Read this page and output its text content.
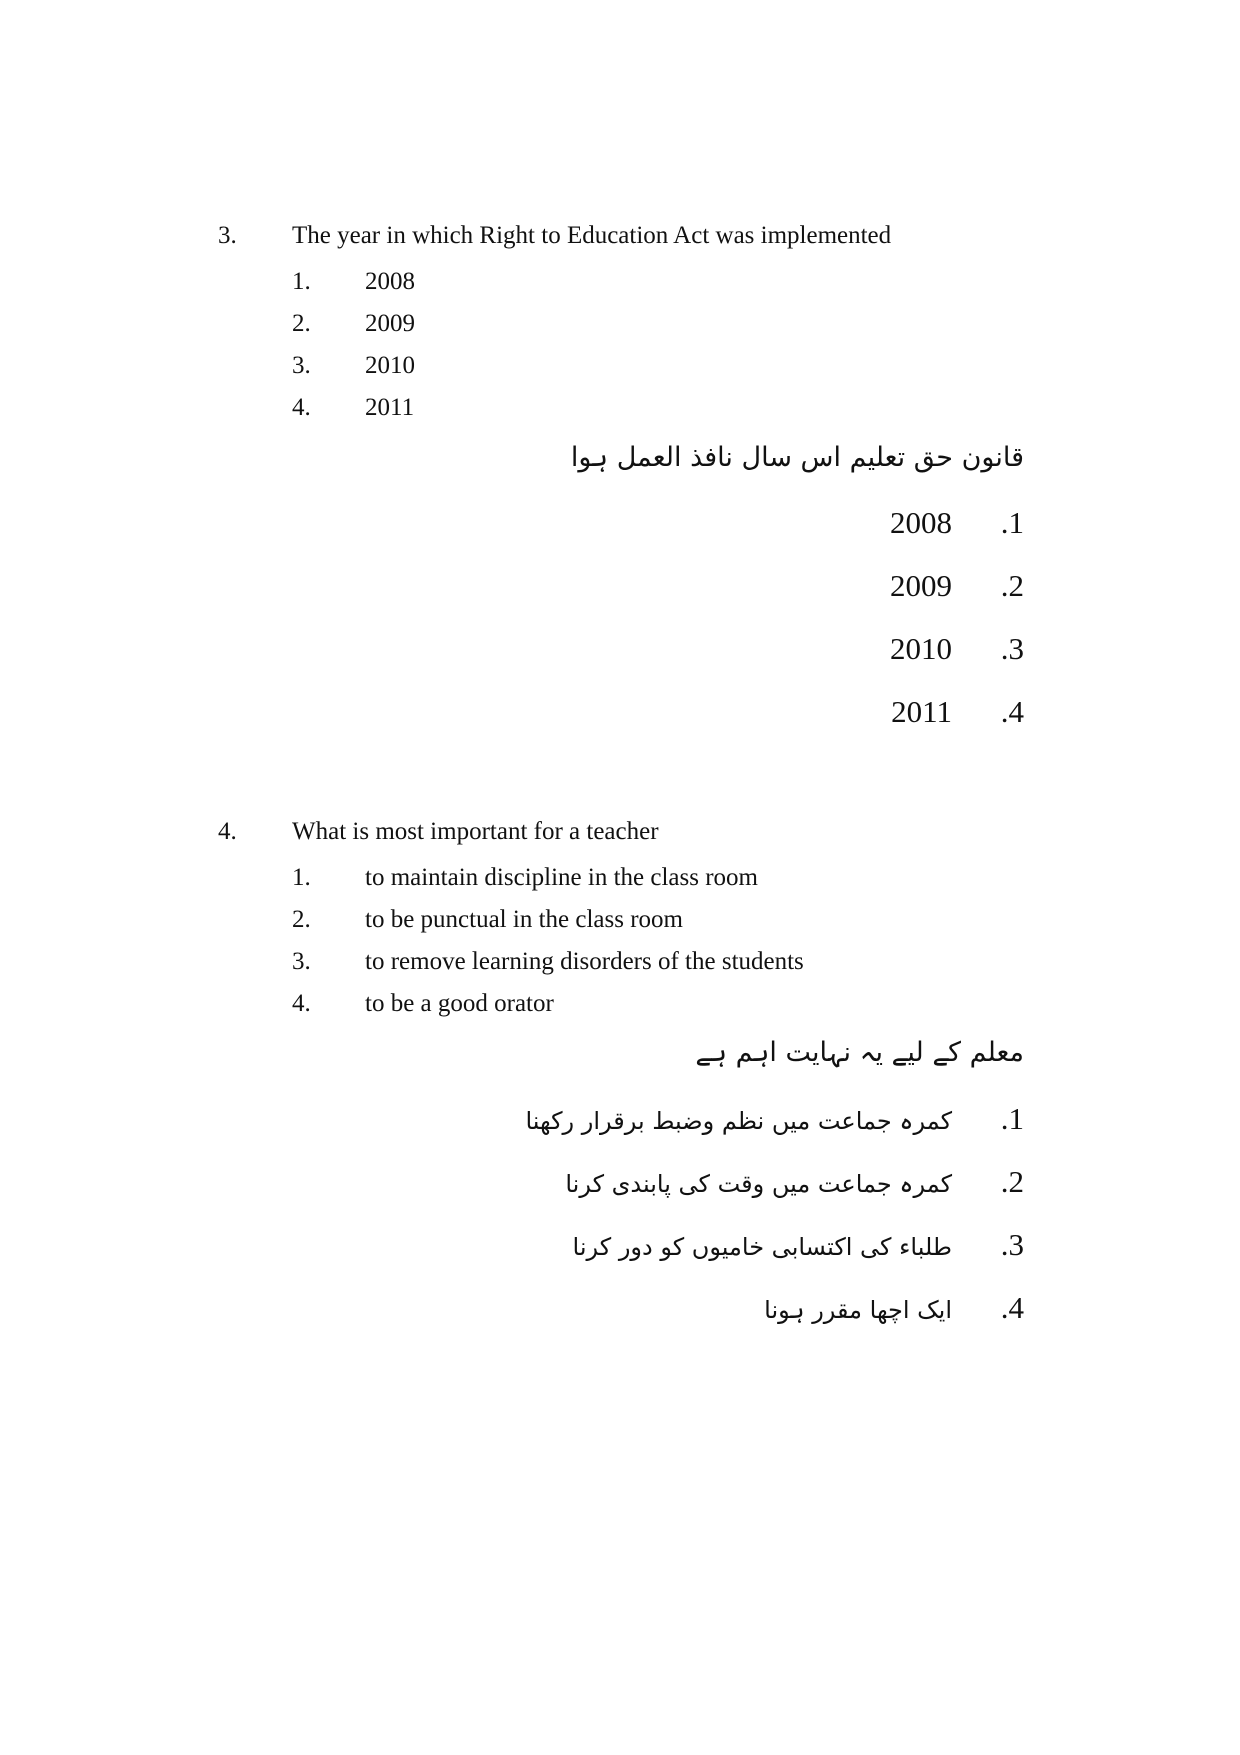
3. The year in which Right to Education Act was implemented
1. 2008
2. 2009
3. 2010
4. 2011
قانون حق تعلیم اس سال نافذ العمل ہوا
2008	.1
2009	.2
2010	.3
2011	.4
4. What is most important for a teacher
1. to maintain discipline in the class room
2. to be punctual in the class room
3. to remove learning disorders of the students
4. to be a good orator
معلم کے لیے یہ نہایت اہم ہے
کمرہ جماعت میں نظم وضبط برقرار رکھنا	.1
کمرہ جماعت میں وقت کی پابندی کرنا	.2
طلباء کی اکتسابی خامیوں کو دور کرنا	.3
ایک اچھا مقرر ہونا	.4
